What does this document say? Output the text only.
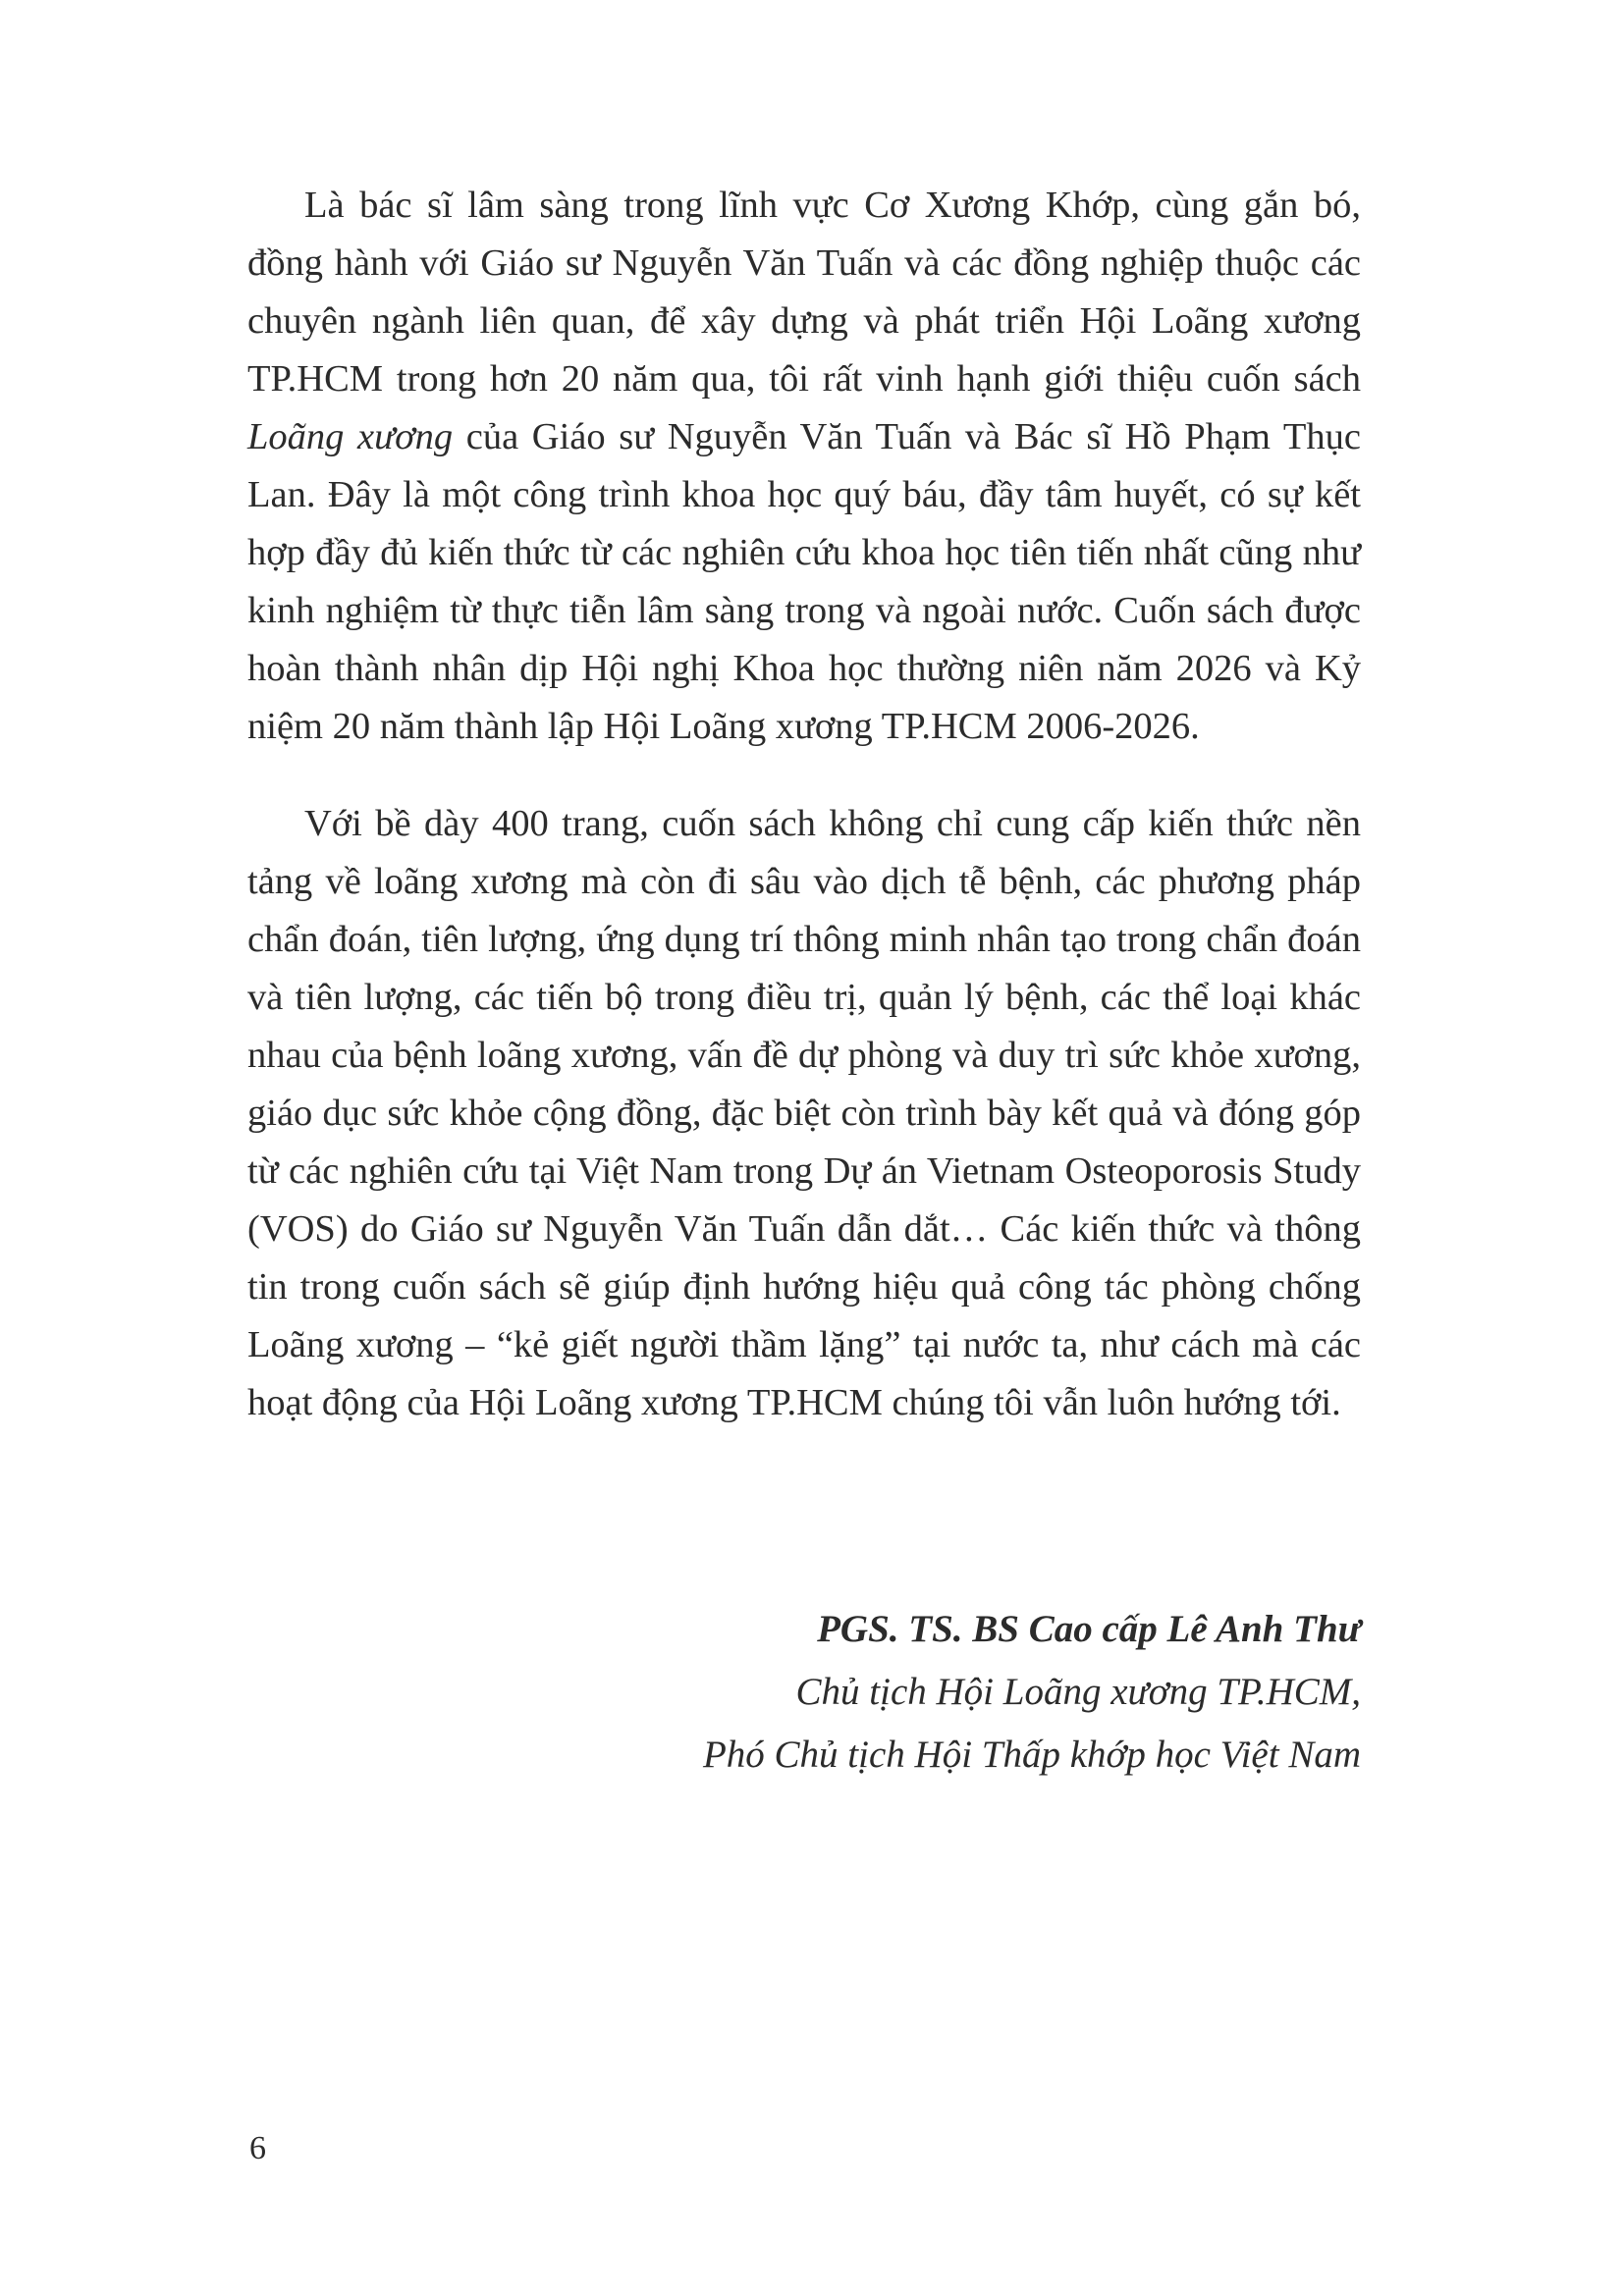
Là bác sĩ lâm sàng trong lĩnh vực Cơ Xương Khớp, cùng gắn bó, đồng hành với Giáo sư Nguyễn Văn Tuấn và các đồng nghiệp thuộc các chuyên ngành liên quan, để xây dựng và phát triển Hội Loãng xương TP.HCM trong hơn 20 năm qua, tôi rất vinh hạnh giới thiệu cuốn sách Loãng xương của Giáo sư Nguyễn Văn Tuấn và Bác sĩ Hồ Phạm Thục Lan. Đây là một công trình khoa học quý báu, đầy tâm huyết, có sự kết hợp đầy đủ kiến thức từ các nghiên cứu khoa học tiên tiến nhất cũng như kinh nghiệm từ thực tiễn lâm sàng trong và ngoài nước. Cuốn sách được hoàn thành nhân dịp Hội nghị Khoa học thường niên năm 2026 và Kỷ niệm 20 năm thành lập Hội Loãng xương TP.HCM 2006-2026.

Với bề dày 400 trang, cuốn sách không chỉ cung cấp kiến thức nền tảng về loãng xương mà còn đi sâu vào dịch tễ bệnh, các phương pháp chẩn đoán, tiên lượng, ứng dụng trí thông minh nhân tạo trong chẩn đoán và tiên lượng, các tiến bộ trong điều trị, quản lý bệnh, các thể loại khác nhau của bệnh loãng xương, vấn đề dự phòng và duy trì sức khỏe xương, giáo dục sức khỏe cộng đồng, đặc biệt còn trình bày kết quả và đóng góp từ các nghiên cứu tại Việt Nam trong Dự án Vietnam Osteoporosis Study (VOS) do Giáo sư Nguyễn Văn Tuấn dẫn dắt… Các kiến thức và thông tin trong cuốn sách sẽ giúp định hướng hiệu quả công tác phòng chống Loãng xương – “kẻ giết người thầm lặng” tại nước ta, như cách mà các hoạt động của Hội Loãng xương TP.HCM chúng tôi vẫn luôn hướng tới.

PGS. TS. BS Cao cấp Lê Anh Thư
Chủ tịch Hội Loãng xương TP.HCM,
Phó Chủ tịch Hội Thấp khớp học Việt Nam
6
